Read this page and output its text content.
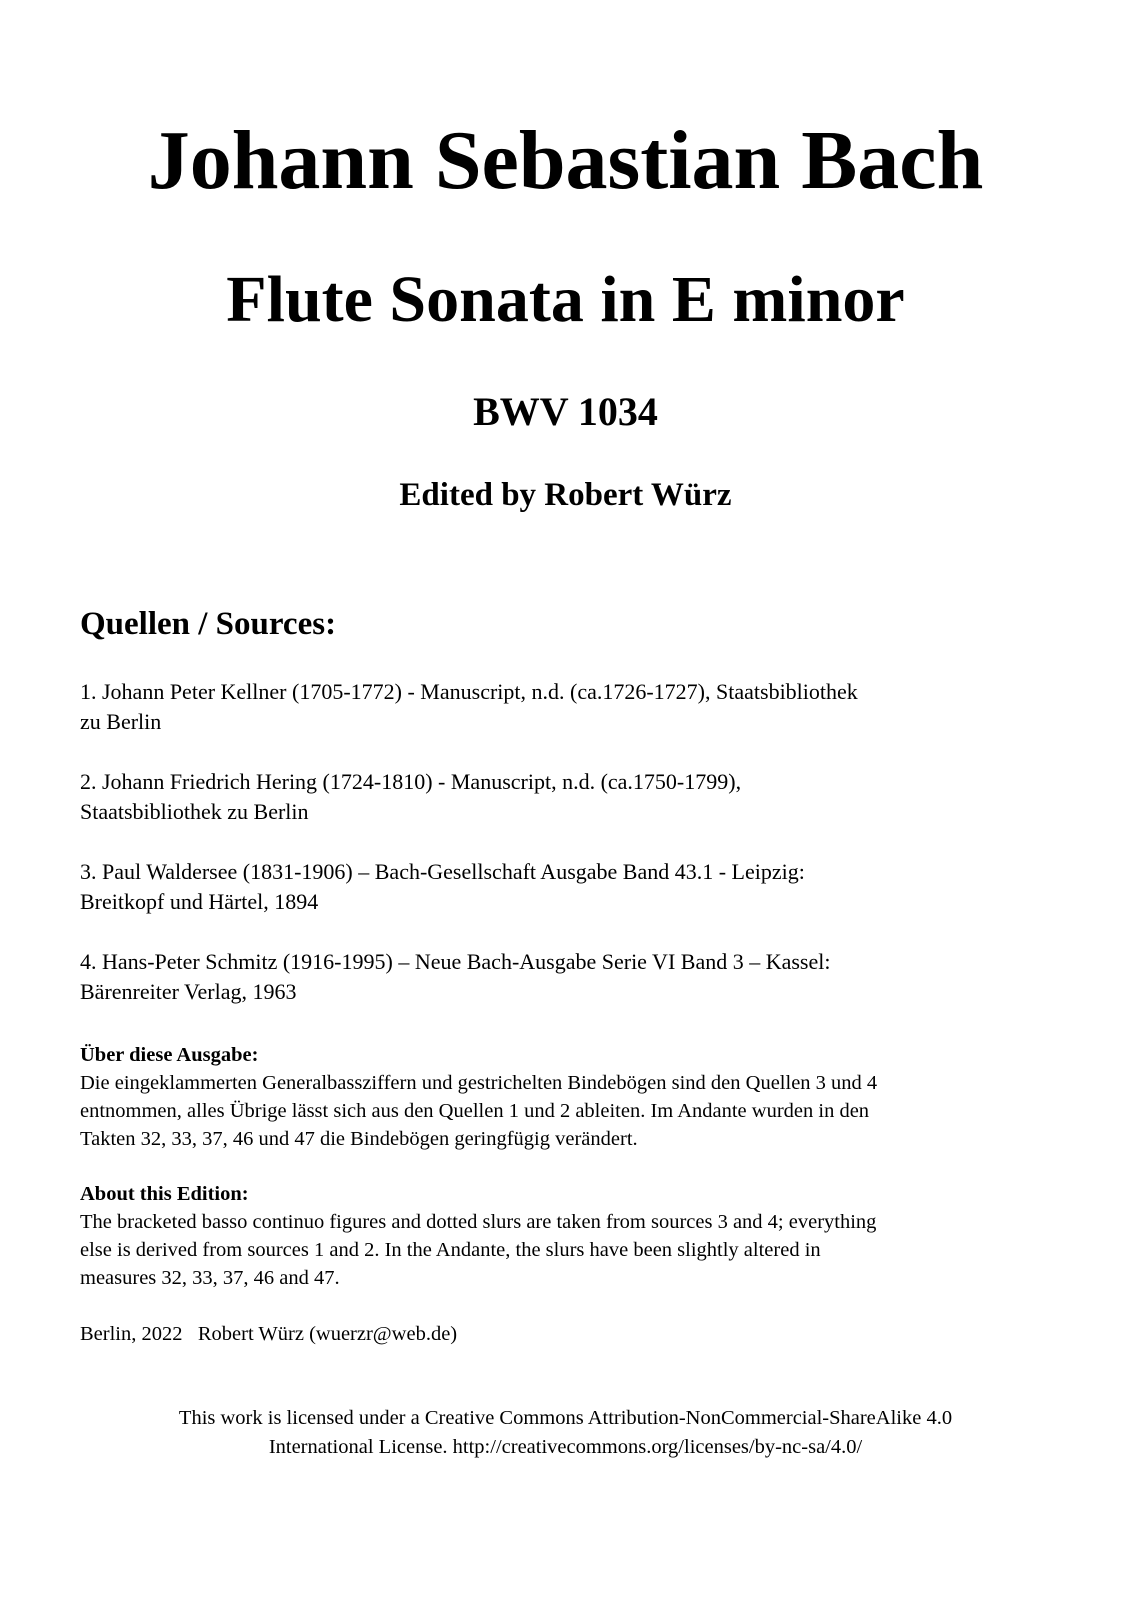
Johann Sebastian Bach
Flute Sonata in E minor
BWV 1034
Edited by Robert Würz
Quellen / Sources:
1. Johann Peter Kellner (1705-1772) - Manuscript, n.d. (ca.1726-1727), Staatsbibliothek
zu Berlin
2. Johann Friedrich Hering (1724-1810) - Manuscript, n.d. (ca.1750-1799),
Staatsbibliothek zu Berlin
3. Paul Waldersee (1831-1906) – Bach-Gesellschaft Ausgabe Band 43.1 - Leipzig:
Breitkopf und Härtel, 1894
4. Hans-Peter Schmitz (1916-1995) – Neue Bach-Ausgabe Serie VI Band 3 – Kassel:
Bärenreiter Verlag, 1963
Über diese Ausgabe:
Die eingeklammerten Generalbassziffern und gestrichelten Bindebögen sind den Quellen 3 und 4
entnommen, alles Übrige lässt sich aus den Quellen 1 und 2 ableiten. Im Andante wurden in den
Takten 32, 33, 37, 46 und 47 die Bindebögen geringfügig verändert.
About this Edition:
The bracketed basso continuo figures and dotted slurs are taken from sources 3 and 4; everything
else is derived from sources 1 and 2. In the Andante, the slurs have been slightly altered in
measures 32, 33, 37, 46 and 47.
Berlin, 2022   Robert Würz (wuerzr@web.de)
This work is licensed under a Creative Commons Attribution-NonCommercial-ShareAlike 4.0
International License. http://creativecommons.org/licenses/by-nc-sa/4.0/
